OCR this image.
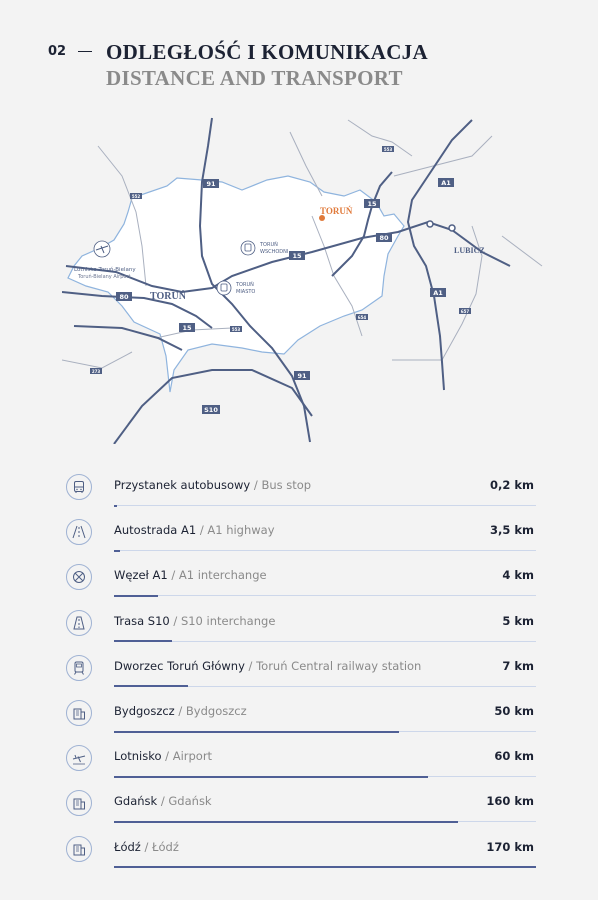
02 ODLEGŁOŚĆ I KOMUNIKACJA
DISTANCE AND TRANSPORT
91
15
A1
80
15
80
15
91
S10
A1
553
552
553
654
273
657
TORUŃ
TORUŃ
LUBICZ
Lotnisko Toruń-Bielany
Toruń-Bielany Airport
TORUŃ
WSCHODNI
TORUŃ
MIASTO
Przystanek autobusowy / Bus stop	0,2 km
Autostrada A1 / A1 highway	3,5 km
Węzeł A1 / A1 interchange	4 km
Trasa S10 / S10 interchange	5 km
Dworzec Toruń Główny / Toruń Central railway station	7 km
Bydgoszcz / Bydgoszcz	50 km
Lotnisko / Airport	60 km
Gdańsk / Gdańsk	160 km
Łódź / Łódź	170 km
